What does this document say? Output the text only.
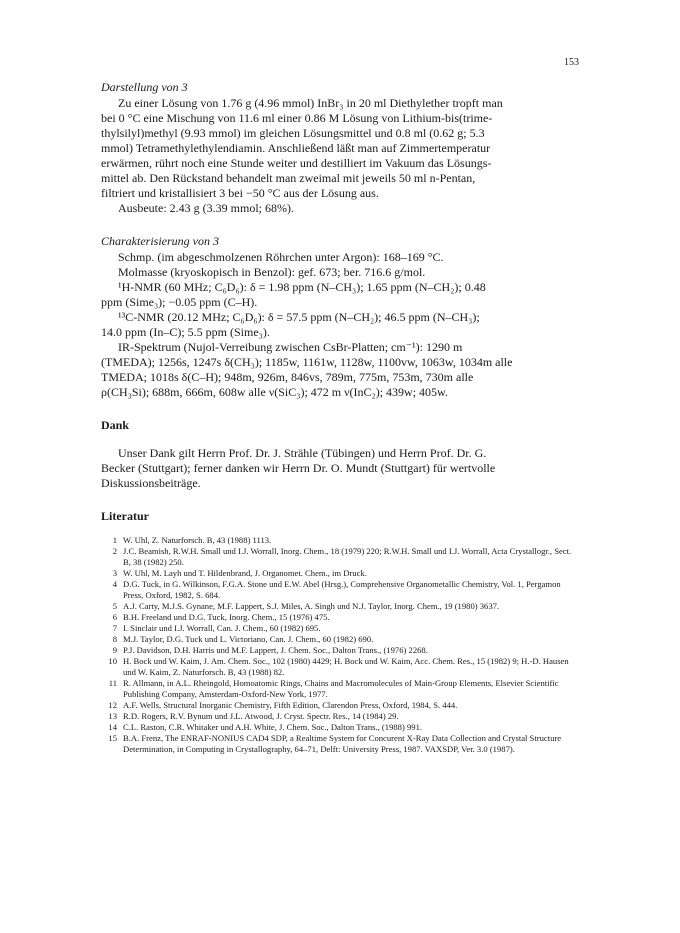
153

Darstellung von 3

Zu einer Lösung von 1.76 g (4.96 mmol) InBr₃ in 20 ml Diethylether tropft man
bei 0 °C eine Mischung von 11.6 ml einer 0.86 M Lösung von Lithium-bis(trime-
thylsilyl)methyl (9.93 mmol) im gleichen Lösungsmittel und 0.8 ml (0.62 g; 5.3
mmol) Tetramethylethylendiamin. Anschließend läßt man auf Zimmertemperatur
erwärmen, rührt noch eine Stunde weiter und destilliert im Vakuum das Lösungs-
mittel ab. Den Rückstand behandelt man zweimal mit jeweils 50 ml n-Pentan,
filtriert und kristallisiert 3 bei −50 °C aus der Lösung aus.
Ausbeute: 2.43 g (3.39 mmol; 68%).

Charakterisierung von 3

Schmp. (im abgeschmolzenen Röhrchen unter Argon): 168–169 °C.
Molmasse (kryoskopisch in Benzol): gef. 673; ber. 716.6 g/mol.
¹H-NMR (60 MHz; C₆D₆): δ = 1.98 ppm (N–CH₃); 1.65 ppm (N–CH₂); 0.48
ppm (Sime₃); −0.05 ppm (C–H).
¹³C-NMR (20.12 MHz; C₆D₆): δ = 57.5 ppm (N–CH₂); 46.5 ppm (N–CH₃);
14.0 ppm (In–C); 5.5 ppm (Sime₃).
IR-Spektrum (Nujol-Verreibung zwischen CsBr-Platten; cm⁻¹): 1290 m
(TMEDA); 1256s, 1247s δ(CH₃); 1185w, 1161w, 1128w, 1100vw, 1063w, 1034m alle
TMEDA; 1018s δ(C–H); 948m, 926m, 846vs, 789m, 775m, 753m, 730m alle
ρ(CH₃Si); 688m, 666m, 608w alle ν(SiC₃); 472 m ν(InC₂); 439w; 405w.

Dank

Unser Dank gilt Herrn Prof. Dr. J. Strähle (Tübingen) und Herrn Prof. Dr. G.
Becker (Stuttgart); ferner danken wir Herrn Dr. O. Mundt (Stuttgart) für wertvolle
Diskussionsbeiträge.

Literatur

1 W. Uhl, Z. Naturforsch. B, 43 (1988) 1113.
2 J.C. Beamish, R.W.H. Small und I.J. Worrall, Inorg. Chem., 18 (1979) 220; R.W.H. Small und I.J. Worrall, Acta Crystallogr., Sect. B, 38 (1982) 250.
3 W. Uhl, M. Layh und T. Hildenbrand, J. Organomet. Chem., im Druck.
4 D.G. Tuck, in G. Wilkinson, F.G.A. Stone und E.W. Abel (Hrsg.), Comprehensive Organometallic Chemistry, Vol. 1, Pergamon Press, Oxford, 1982, S. 684.
5 A.J. Carty, M.J.S. Gynane, M.F. Lappert, S.J. Miles, A. Singh und N.J. Taylor, Inorg. Chem., 19 (1980) 3637.
6 B.H. Freeland und D.G. Tuck, Inorg. Chem., 15 (1976) 475.
7 I. Sinclair und I.J. Worrall, Can. J. Chem., 60 (1982) 695.
8 M.J. Taylor, D.G. Tuck und L. Victoriano, Can. J. Chem., 60 (1982) 690.
9 P.J. Davidson, D.H. Harris und M.F. Lappert, J. Chem. Soc., Dalton Trans., (1976) 2268.
10 H. Bock und W. Kaim, J. Am. Chem. Soc., 102 (1980) 4429; H. Bock und W. Kaim, Acc. Chem. Res., 15 (1982) 9; H.-D. Hausen und W. Kaim, Z. Naturforsch. B, 43 (1988) 82.
11 R. Allmann, in A.L. Rheingold, Homoatomic Rings, Chains and Macromolecules of Main-Group Elements, Elsevier Scientific Publishing Company, Amsterdam-Oxford-New York, 1977.
12 A.F. Wells, Structural Inorganic Chemistry, Fifth Edition, Clarendon Press, Oxford, 1984, S. 444.
13 R.D. Rogers, R.V. Bynum und J.L. Atwood, J. Cryst. Spectr. Res., 14 (1984) 29.
14 C.L. Raston, C.R. Whitaker und A.H. White, J. Chem. Soc., Dalton Trans., (1988) 991.
15 B.A. Frenz, The ENRAF-NONIUS CAD4 SDP, a Realtime System for Concurent X-Ray Data Collection and Crystal Structure Determination, in Computing in Crystallography, 64–71, Delft: University Press, 1987. VAXSDP, Ver. 3.0 (1987).
